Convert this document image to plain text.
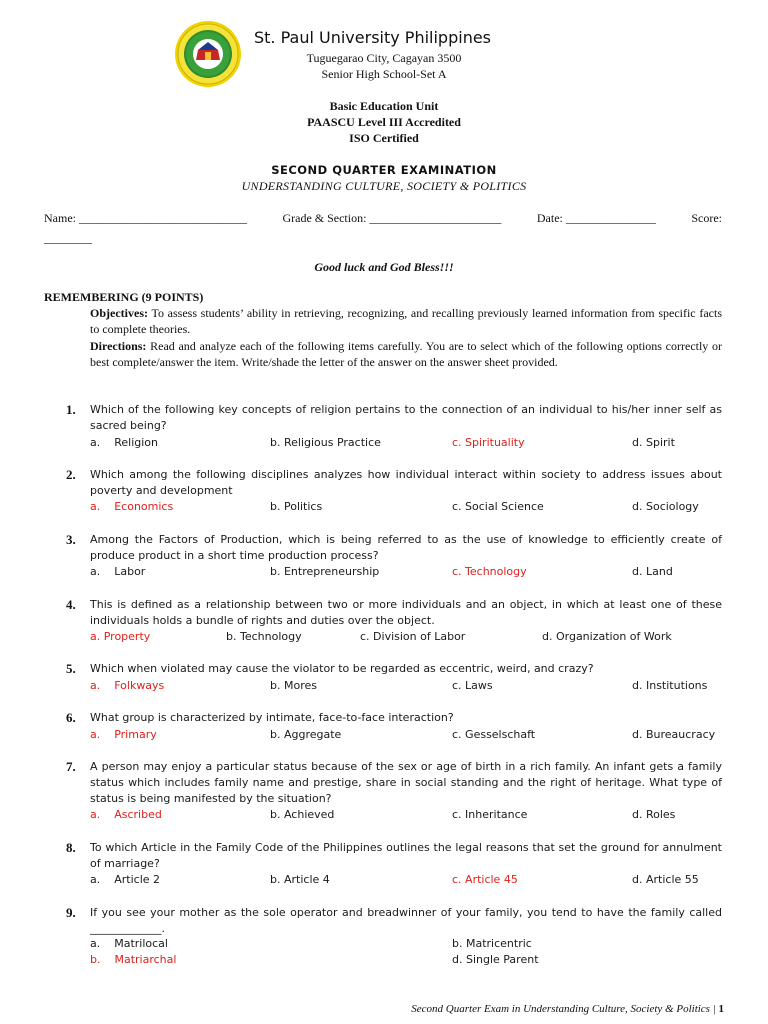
St. Paul University Philippines
Tuguegarao City, Cagayan 3500
Senior High School-Set A
Basic Education Unit
PAASCU Level III Accredited
ISO Certified
SECOND QUARTER EXAMINATION
UNDERSTANDING CULTURE, SOCIETY & POLITICS
Name: ____________________________	Grade & Section: ______________________	Date: _______________	Score:
________
Good luck and God Bless!!!
REMEMBERING (9 POINTS)
Objectives: To assess students’ ability in retrieving, recognizing, and recalling previously learned information from specific facts to complete theories.
Directions: Read and analyze each of the following items carefully. You are to select which of the following options correctly or best complete/answer the item. Write/shade the letter of the answer on the answer sheet provided.
1. Which of the following key concepts of religion pertains to the connection of an individual to his/her inner self as sacred being?
a.    Religion	b. Religious Practice	c. Spirituality	d. Spirit
2. Which among the following disciplines analyzes how individual interact within society to address issues about poverty and development
a.    Economics	b. Politics	c. Social Science	d. Sociology
3. Among the Factors of Production, which is being referred to as the use of knowledge to efficiently create of produce product in a short time production process?
a.    Labor	b. Entrepreneurship	c. Technology	d. Land
4. This is defined as a relationship between two or more individuals and an object, in which at least one of these individuals holds a bundle of rights and duties over the object.
a. Property	b. Technology	c. Division of Labor	d. Organization of Work
5. Which when violated may cause the violator to be regarded as eccentric, weird, and crazy?
a.    Folkways	b. Mores	c. Laws	d. Institutions
6. What group is characterized by intimate, face-to-face interaction?
a.    Primary	b. Aggregate	c. Gesselschaft	d. Bureaucracy
7. A person may enjoy a particular status because of the sex or age of birth in a rich family. An infant gets a family status which includes family name and prestige, share in social standing and the right of heritage. What type of status is being manifested by the situation?
a.    Ascribed	b. Achieved	c. Inheritance	d. Roles
8. To which Article in the Family Code of the Philippines outlines the legal reasons that set the ground for annulment of marriage?
a.    Article 2	b. Article 4	c. Article 45	d. Article 55
9. If you see your mother as the sole operator and breadwinner of your family, you tend to have the family called _____________.
a.    Matrilocal	b. Matricentric
b.    Matriarchal	d. Single Parent
Second Quarter Exam in Understanding Culture, Society & Politics | 1
